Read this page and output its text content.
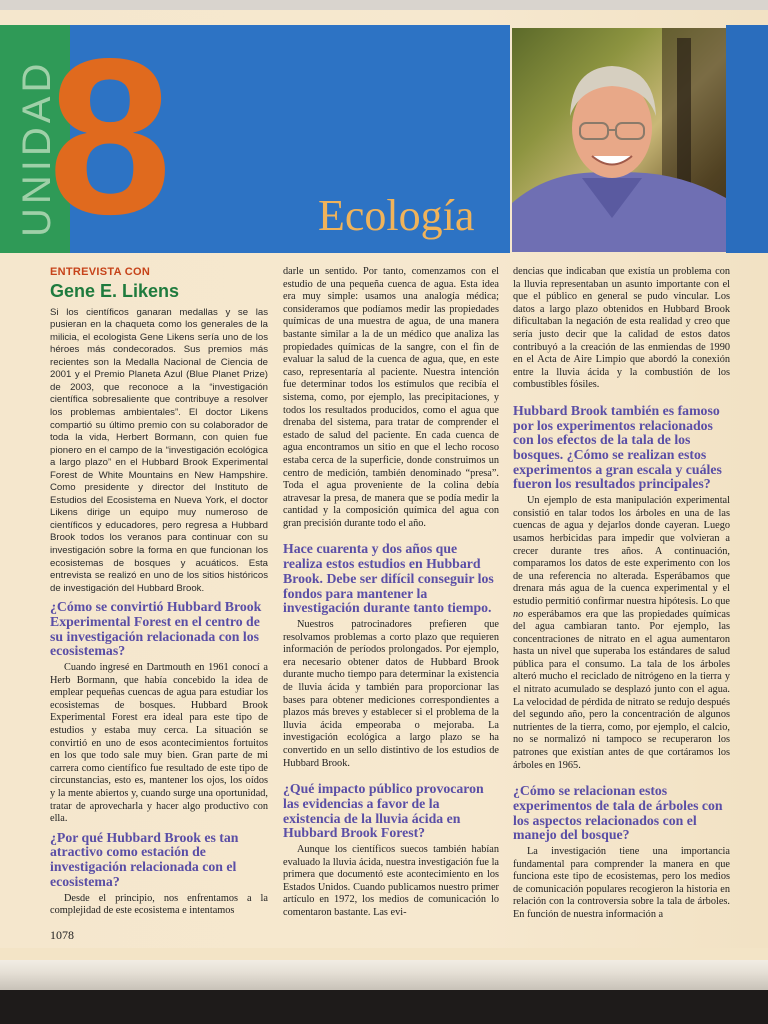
UNIDAD
8	Ecología
ENTREVISTA CON
Gene E. Likens

Si los científicos ganaran medallas y se las pusieran en la chaqueta como los generales de la milicia, el ecologista Gene Likens sería uno de los héroes más condecorados. Sus premios más recientes son la Medalla Nacional de Ciencia de 2001 y el Premio Planeta Azul (Blue Planet Prize) de 2003, que reconoce a la “investigación científica sobresaliente que contribuye a resolver los problemas ambientales”. El doctor Likens compartió su último premio con su colaborador de toda la vida, Herbert Bormann, con quien fue pionero en el campo de la “investigación ecológica a largo plazo” en el Hubbard Brook Experimental Forest de White Mountains en New Hampshire. Como presidente y director del Instituto de Estudios del Ecosistema en Nueva York, el doctor Likens dirige un equipo muy numeroso de científicos y educadores, pero regresa a Hubbard Brook todos los veranos para continuar con su investigación sobre la forma en que funcionan los ecosistemas de bosques y acuáticos. Esta entrevista se realizó en uno de los sitios históricos de investigación del Hubbard Brook.

¿Cómo se convirtió Hubbard Brook Experimental Forest en el centro de su investigación relacionada con los ecosistemas?

Cuando ingresé en Dartmouth en 1961 conocí a Herb Bormann, que había concebido la idea de emplear pequeñas cuencas de agua para estudiar los ecosistemas de bosques. Hubbard Brook Experimental Forest era ideal para este tipo de estudios y estaba muy cerca. La situación se convirtió en uno de esos acontecimientos fortuitos en los que todo sale muy bien. Gran parte de mi carrera como científico fue resultado de este tipo de circunstancias, esto es, mantener los ojos, los oídos y la mente abiertos y, cuando surge una oportunidad, tratar de aprovecharla y hacer algo productivo con ella.

¿Por qué Hubbard Brook es tan atractivo como estación de investigación relacionada con el ecosistema?

Desde el principio, nos enfrentamos a la complejidad de este ecosistema e intentamos

darle un sentido. Por tanto, comenzamos con el estudio de una pequeña cuenca de agua. Esta idea era muy simple: usamos una analogía médica; consideramos que podíamos medir las propiedades químicas de una muestra de agua, de una manera bastante similar a la de un médico que analiza las propiedades químicas de la sangre, con el fin de evaluar la salud de la cuenca de agua, que, en este caso, representaría al paciente. Nuestra intención fue determinar todos los estímulos que recibía el sistema, como, por ejemplo, las precipitaciones, y todos los resultados producidos, como el agua que drenaba del sistema, para tratar de comprender el estado de salud del paciente. En cada cuenca de agua encontramos un sitio en que el lecho rocoso estaba cerca de la superficie, donde construimos un centro de medición, también denominado “presa”. Toda el agua proveniente de la colina debía atravesar la presa, de manera que se podía medir la cantidad y la composición química del agua con gran precisión durante todo el año.

Hace cuarenta y dos años que realiza estos estudios en Hubbard Brook. Debe ser difícil conseguir los fondos para mantener la investigación durante tanto tiempo.

Nuestros patrocinadores prefieren que resolvamos problemas a corto plazo que requieren información de períodos prolongados. Por ejemplo, era necesario obtener datos de Hubbard Brook durante mucho tiempo para determinar la existencia de lluvia ácida y también para proporcionar las bases para obtener mediciones correspondientes a plazos más breves y establecer si el problema de la lluvia ácida empeoraba o mejoraba. La investigación ecológica a largo plazo se ha convertido en un sello distintivo de los estudios de Hubbard Brook.

¿Qué impacto público provocaron las evidencias a favor de la existencia de la lluvia ácida en Hubbard Brook Forest?

Aunque los científicos suecos también habían evaluado la lluvia ácida, nuestra investigación fue la primera que documentó este acontecimiento en los Estados Unidos. Cuando publicamos nuestro primer artículo en 1972, los medios de comunicación lo comentaron bastante. Las evi-

dencias que indicaban que existía un problema con la lluvia representaban un asunto importante con el que el público en general se pudo vincular. Los datos a largo plazo obtenidos en Hubbard Brook dificultaban la negación de esta realidad y creo que sería justo decir que la calidad de estos datos contribuyó a la creación de las enmiendas de 1990 en el Acta de Aire Limpio que abordó la conexión entre la lluvia ácida y la combustión de los combustibles fósiles.

Hubbard Brook también es famoso por los experimentos relacionados con los efectos de la tala de los bosques. ¿Cómo se realizan estos experimentos a gran escala y cuáles fueron los resultados principales?

Un ejemplo de esta manipulación experimental consistió en talar todos los árboles en una de las cuencas de agua y dejarlos donde cayeran. Luego usamos herbicidas para impedir que volvieran a crecer durante tres años. A continuación, comparamos los datos de este experimento con los de una referencia no alterada. Esperábamos que drenara más agua de la cuenca experimental y el estudio permitió confirmar nuestra hipótesis. Lo que no esperábamos era que las propiedades químicas del agua cambiaran tanto. Por ejemplo, las concentraciones de nitrato en el agua aumentaron hasta un nivel que superaba los estándares de salud pública para el consumo. La tala de los árboles alteró mucho el reciclado de nitrógeno en la tierra y el nitrato acumulado se desplazó junto con el agua. La velocidad de pérdida de nitrato se redujo después del segundo año, pero la concentración de algunos nutrientes de la tierra, como, por ejemplo, el calcio, no se normalizó ni tampoco se recuperaron los patrones que existían antes de que cortáramos los árboles en 1965.

¿Cómo se relacionan estos experimentos de tala de árboles con los aspectos relacionados con el manejo del bosque?

La investigación tiene una importancia fundamental para comprender la manera en que funciona este tipo de ecosistemas, pero los medios de comunicación populares recogieron la historia en relación con la controversia sobre la tala de árboles. En función de nuestra información a

1078
